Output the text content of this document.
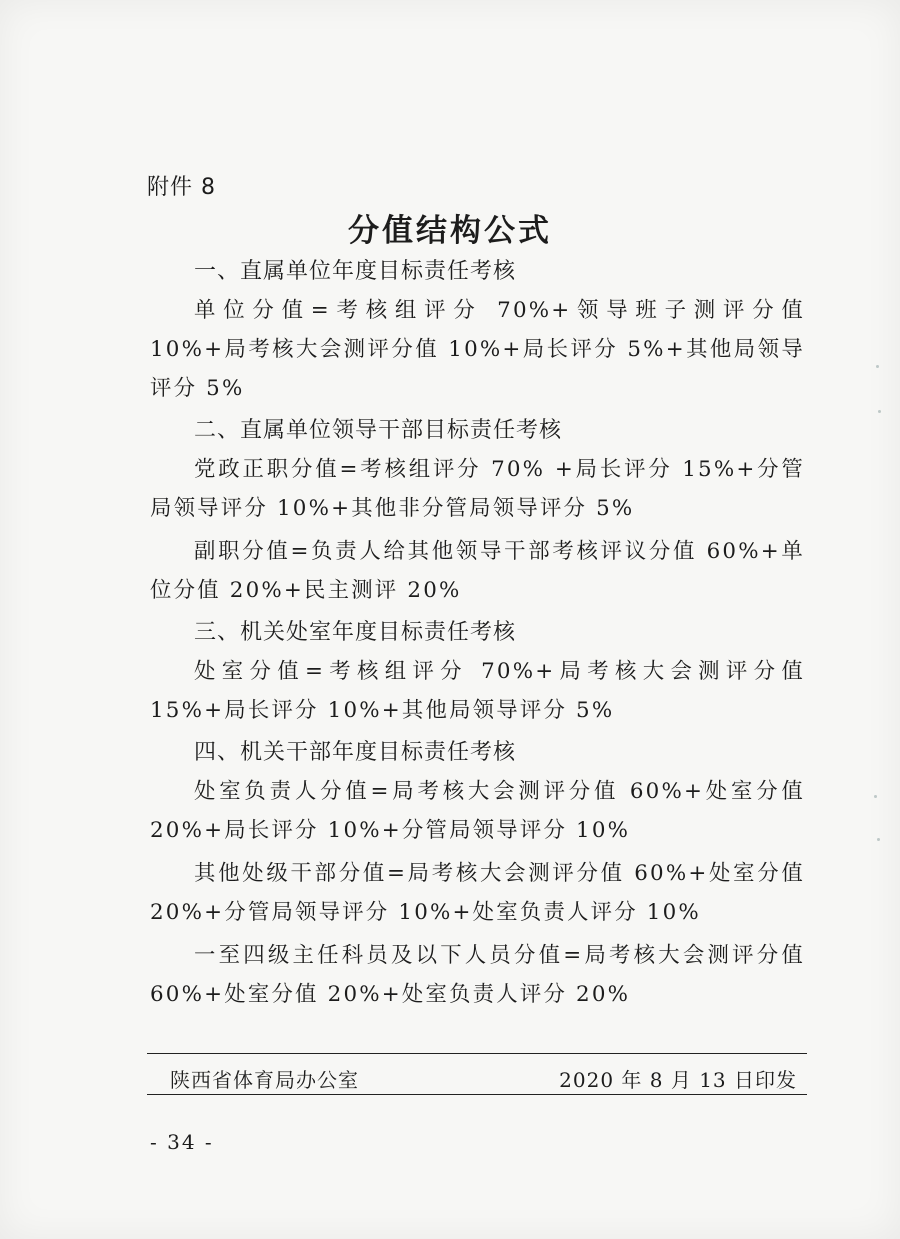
附件 8
分值结构公式

一、直属单位年度目标责任考核

单位分值=考核组评分 70%+领导班子测评分值 10%+局考核大会测评分值 10%+局长评分 5%+其他局领导评分 5%

二、直属单位领导干部目标责任考核

党政正职分值=考核组评分 70% +局长评分 15%+分管局领导评分 10%+其他非分管局领导评分 5%

副职分值=负责人给其他领导干部考核评议分值 60%+单位分值 20%+民主测评 20%

三、机关处室年度目标责任考核

处室分值=考核组评分 70%+局考核大会测评分值 15%+局长评分 10%+其他局领导评分 5%

四、机关干部年度目标责任考核

处室负责人分值=局考核大会测评分值 60%+处室分值 20%+局长评分 10%+分管局领导评分 10%

其他处级干部分值=局考核大会测评分值 60%+处室分值 20%+分管局领导评分 10%+处室负责人评分 10%

一至四级主任科员及以下人员分值=局考核大会测评分值 60%+处室分值 20%+处室负责人评分 20%

陕西省体育局办公室	2020 年 8 月 13 日印发
- 34 -
